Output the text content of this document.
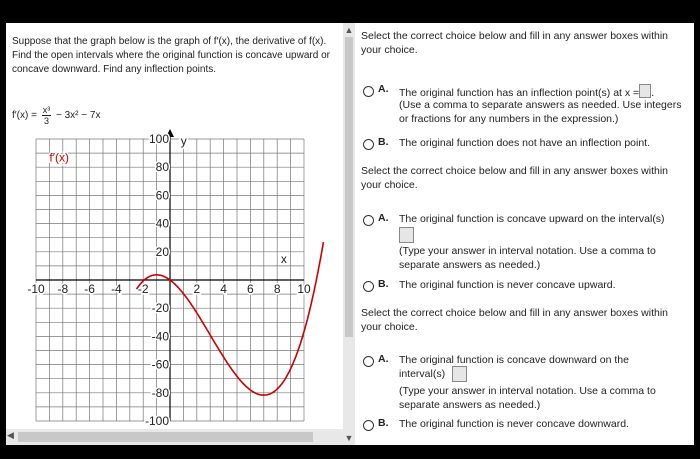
Suppose that the graph below is the graph of f′(x), the derivative of f(x). Find the open intervals where the original function is concave upward or concave downward. Find any inflection points.
$f'(x) = \frac{\text{x³}}{3} - 3x^2 - 7x$
-10 -8 -6 -4 -2	2 4 6 8 10
100
80
60
40
20
-20
-40
-60
-80
-100
x
y
f′(x)
▲
▼
◀
✕
Select the correct choice below and fill in any answer boxes within your choice.
A. The original function has an inflection point(s) at x = .
(Use a comma to separate answers as needed. Use integers or fractions for any numbers in the expression.)
B. The original function does not have an inflection point.
Select the correct choice below and fill in any answer boxes within your choice.
A. The original function is concave upward on the interval(s)
(Type your answer in interval notation. Use a comma to separate answers as needed.)
B. The original function is never concave upward.
Select the correct choice below and fill in any answer boxes within your choice.
A. The original function is concave downward on the interval(s)
(Type your answer in interval notation. Use a comma to separate answers as needed.)
B. The original function is never concave downward.
